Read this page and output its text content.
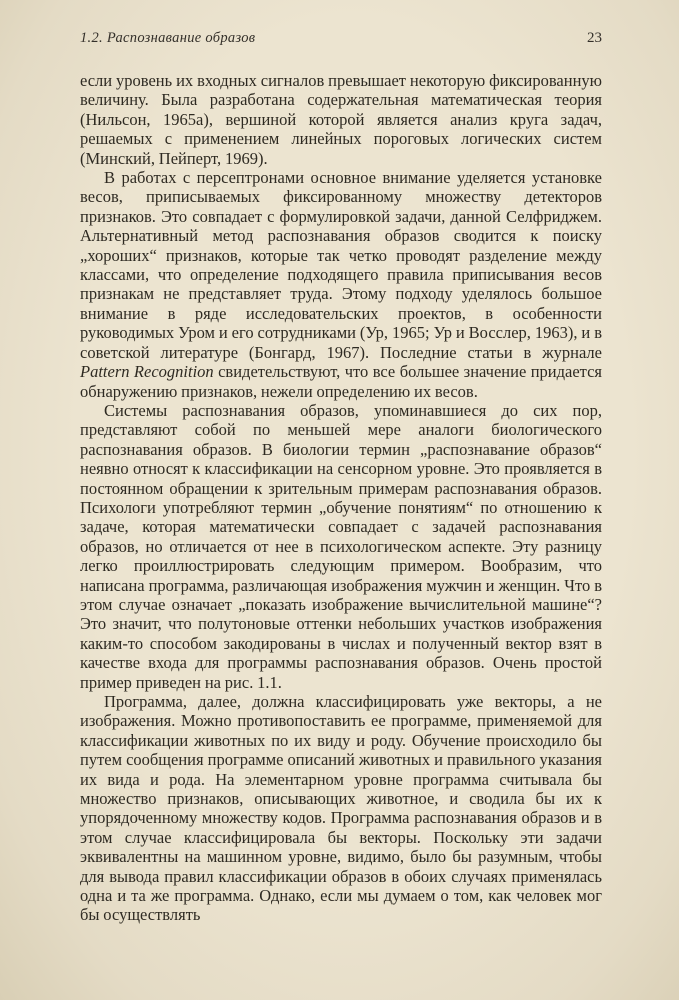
1.2. Распознавание образов	23

если уровень их входных сигналов превышает некоторую фиксированную величину. Была разработана содержательная математическая теория (Нильсон, 1965а), вершиной которой является анализ круга задач, решаемых с применением линейных пороговых логических систем (Минский, Пейперт, 1969).

В работах с персептронами основное внимание уделяется установке весов, приписываемых фиксированному множеству детекторов признаков. Это совпадает с формулировкой задачи, данной Селфриджем. Альтернативный метод распознавания образов сводится к поиску „хороших“ признаков, которые так четко проводят разделение между классами, что определение подходящего правила приписывания весов признакам не представляет труда. Этому подходу уделялось большое внимание в ряде исследовательских проектов, в особенности руководимых Уром и его сотрудниками (Ур, 1965; Ур и Восслер, 1963), и в советской литературе (Бонгард, 1967). Последние статьи в журнале Pattern Recognition свидетельствуют, что все большее значение придается обнаружению признаков, нежели определению их весов.

Системы распознавания образов, упоминавшиеся до сих пор, представляют собой по меньшей мере аналоги биологического распознавания образов. В биологии термин „распознавание образов“ неявно относят к классификации на сенсорном уровне. Это проявляется в постоянном обращении к зрительным примерам распознавания образов. Психологи употребляют термин „обучение понятиям“ по отношению к задаче, которая математически совпадает с задачей распознавания образов, но отличается от нее в психологическом аспекте. Эту разницу легко проиллюстрировать следующим примером. Вообразим, что написана программа, различающая изображения мужчин и женщин. Что в этом случае означает „показать изображение вычислительной машине“? Это значит, что полутоновые оттенки небольших участков изображения каким-то способом закодированы в числах и полученный вектор взят в качестве входа для программы распознавания образов. Очень простой пример приведен на рис. 1.1.

Программа, далее, должна классифицировать уже векторы, а не изображения. Можно противопоставить ее программе, применяемой для классификации животных по их виду и роду. Обучение происходило бы путем сообщения программе описаний животных и правильного указания их вида и рода. На элементарном уровне программа считывала бы множество признаков, описывающих животное, и сводила бы их к упорядоченному множеству кодов. Программа распознавания образов и в этом случае классифицировала бы векторы. Поскольку эти задачи эквивалентны на машинном уровне, видимо, было бы разумным, чтобы для вывода правил классификации образов в обоих случаях применялась одна и та же программа. Однако, если мы думаем о том, как человек мог бы осуществлять
